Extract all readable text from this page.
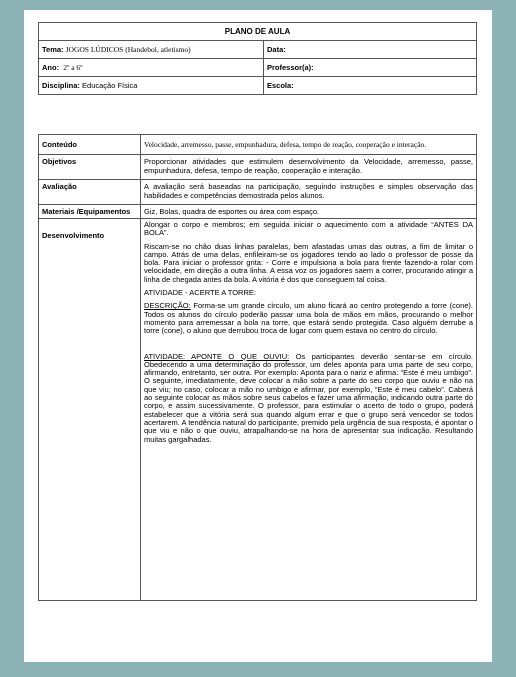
PLANO DE AULA	
Tema: JOGOS LÚDICOS (Handebol, atletismo)	Data:
Ano: 2º a 6º	Professor(a):
Disciplina: Educação Física	Escola:
Conteúdo	Velocidade, arremesso, passe, empunhadura, defesa, tempo de reação, cooperação e interação.
Objetivos	Proporcionar atividades que estimulem desenvolvimento da Velocidade, arremesso, passe, empunhadura, defesa, tempo de reação, cooperação e interação.
Avaliação	A avaliação será baseadas na participação, seguindo instruções e simples observação das habilidades e competências demostrada pelos alunos.
Materiais /Equipamentos	Giz, Bolas, quadra de esportes ou área com espaço.
Desenvolvimento	Alongar o corpo e membros; em seguida iniciar o aquecimento com a atividade “ANTES DA BOLA”.

Riscam-se no chão duas linhas paralelas, bem afastadas umas das outras, a fim de limitar o campo. Atrás de uma delas, enfileiram-se os jogadores tendo ao lado o professor de posse da bola. Para iniciar o professor grita: - Corre e impulsiona a bola para frente fazendo-a rolar com velocidade, em direção a outra linha. A essa voz os jogadores saem a correr, procurando atingir a linha de chegada antes da bola. A vitória é dos que conseguem tal coisa.

ATIVIDADE - ACERTE A TORRE:

DESCRIÇÃO: Forma-se um grande círculo, um aluno ficará ao centro protegendo a torre (cone). Todos os alunos do círculo poderão passar uma bola de mãos em mãos, procurando o melhor momento para arremessar a bola na torre, que estará sendo protegida. Caso alguém derrube a torre (cone), o aluno que derrubou troca de lugar com quem estava no centro do círculo.

ATIVIDADE: APONTE O QUE OUVIU: Os participantes deverão sentar-se em círculo. Obedecendo a uma determinação do professor, um deles aponta para uma parte de seu corpo, afirmando, entretanto, ser outra. Por exemplo: Aponta para o nariz e afirma: “Este é meu umbigo”. O seguinte, imediatamente, deve colocar a mão sobre a parte do seu corpo que ouviu e não na que viu; no caso, colocar a mão no umbigo e afirmar, por exemplo, “Este é meu cabelo”. Caberá ao seguinte colocar as mãos sobre seus cabelos e fazer uma afirmação, indicando outra parte do corpo, e assim sucessivamente. O professor, para estimular o acerto de todo o grupo, poderá estabelecer que a vitória será sua quando algum errar e que o grupo será vencedor se todos acertarem. A tendência natural do participante, premido pela urgência de sua resposta, é apontar o que viu e não o que ouviu, atrapalhando-se na hora de apresentar sua indicação. Resultando muitas gargalhadas.
